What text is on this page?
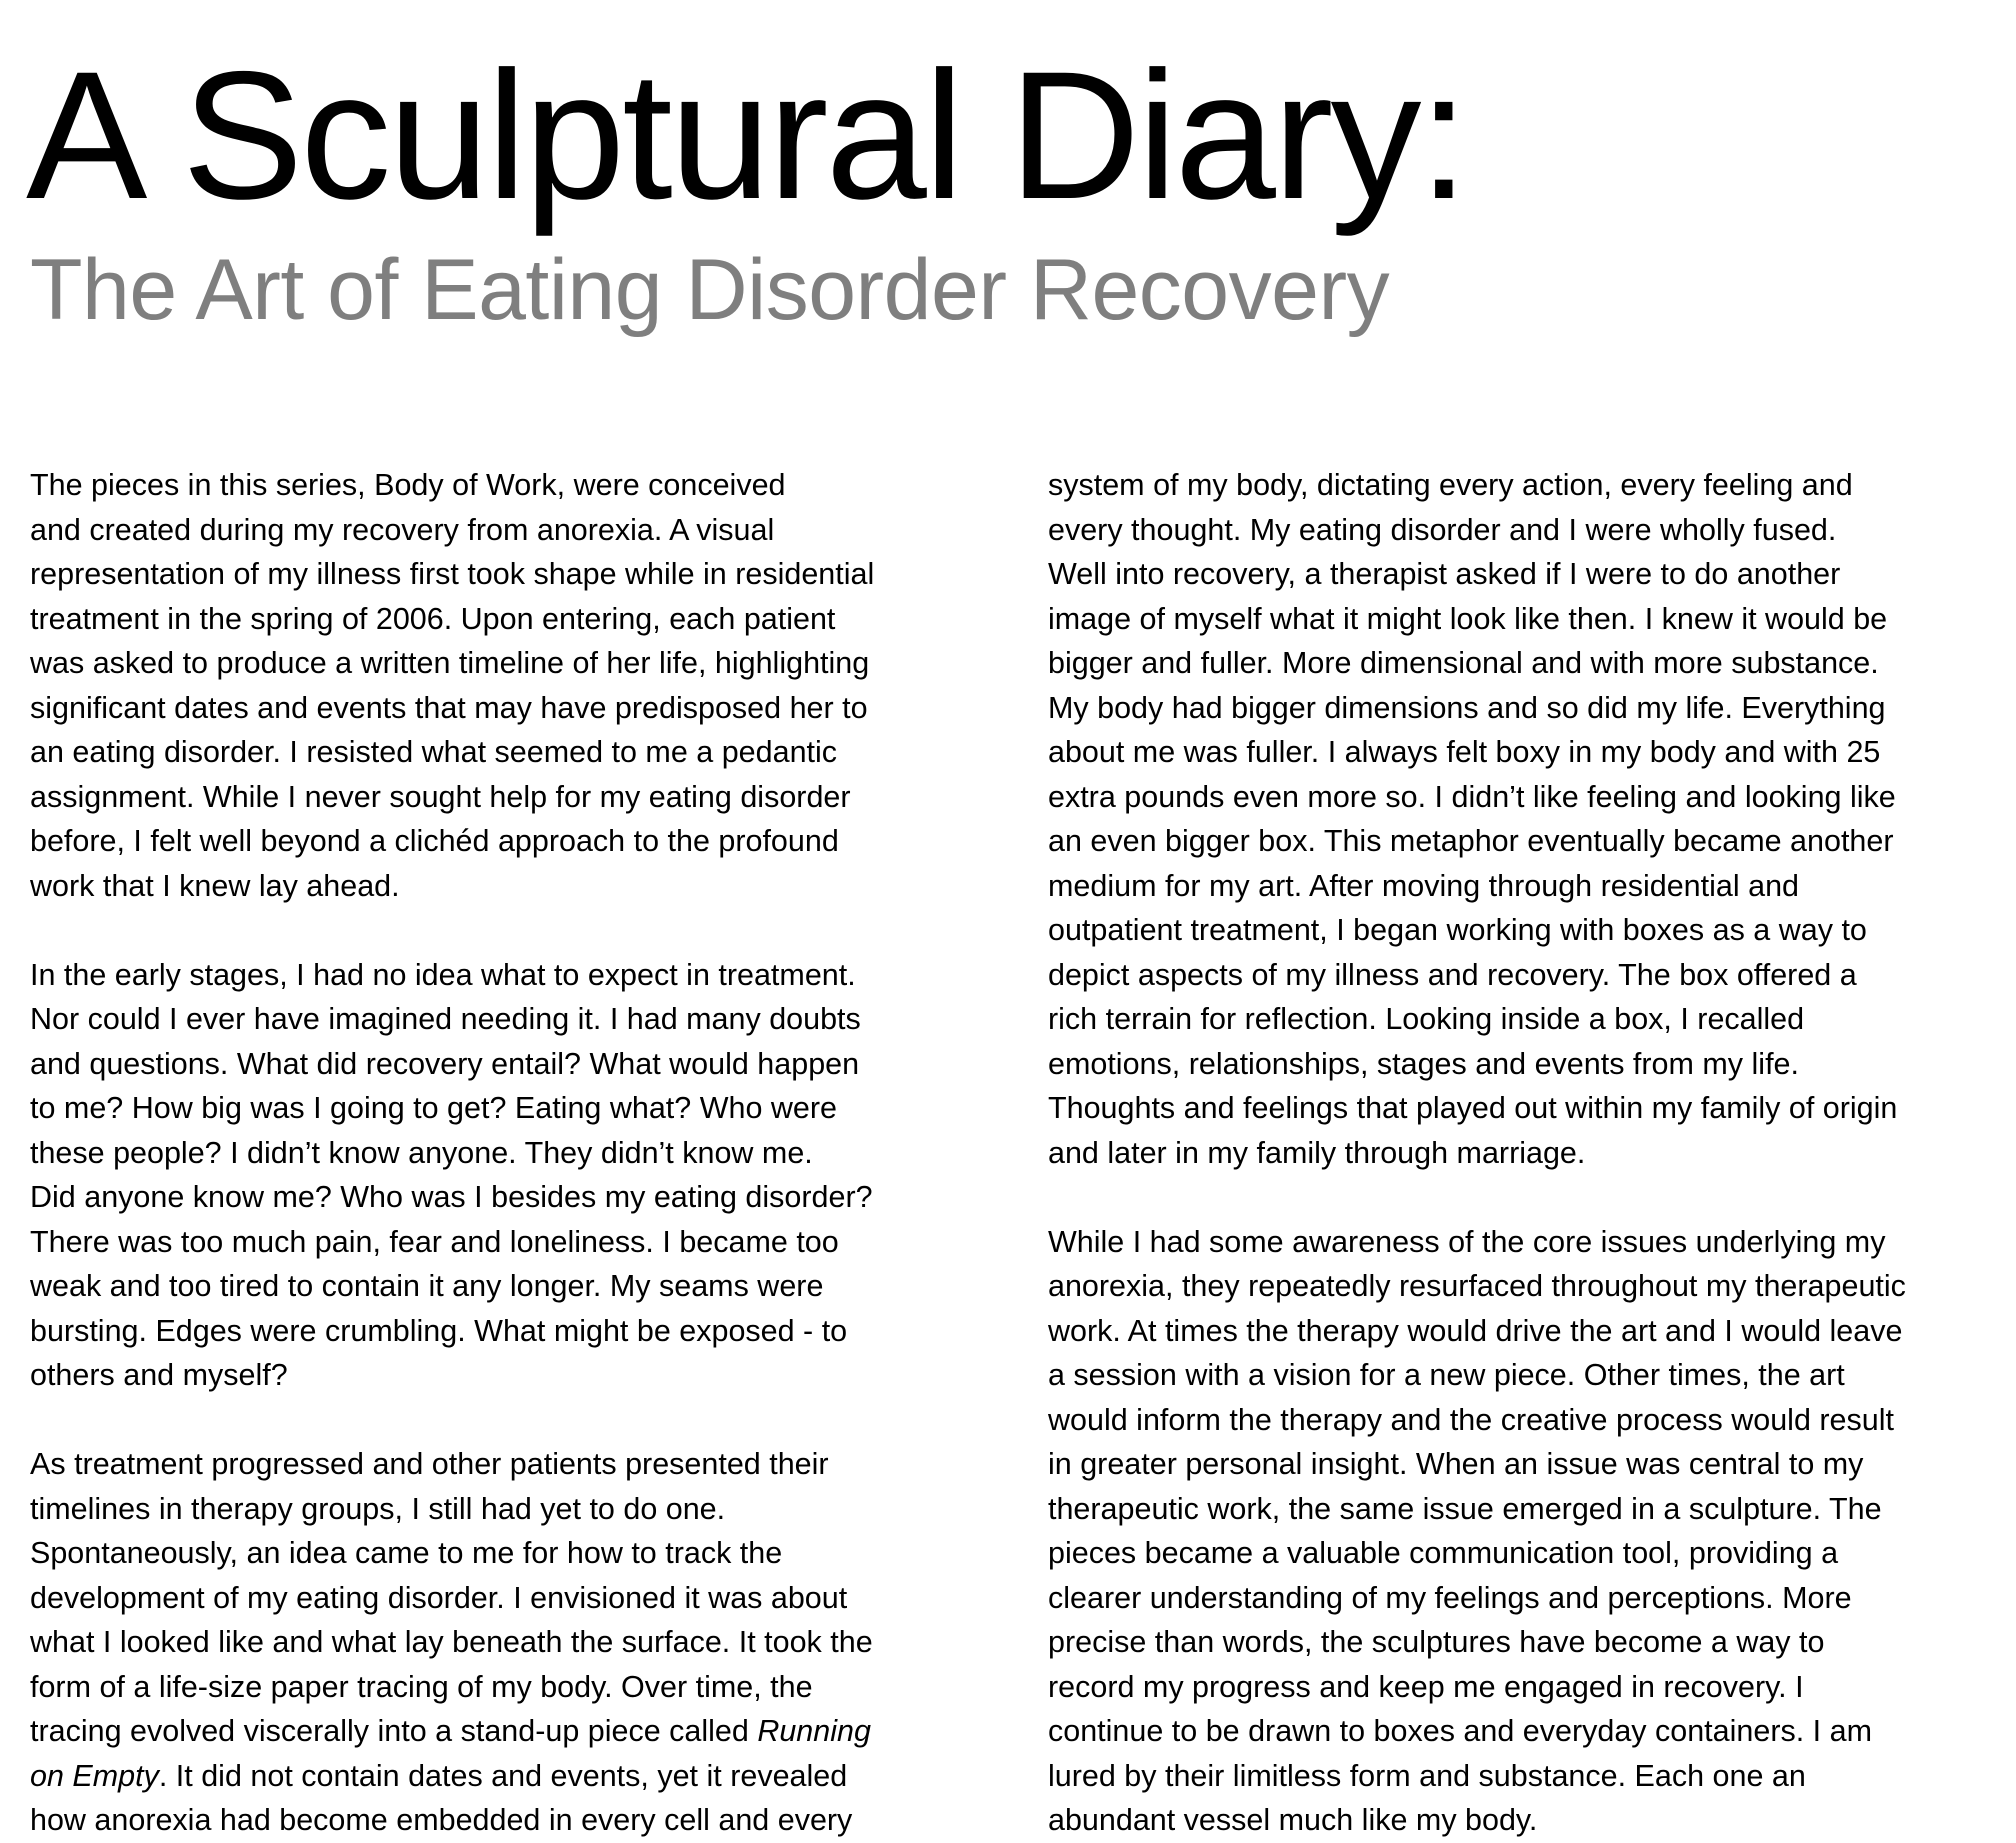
A Sculptural Diary:
The Art of Eating Disorder Recovery
The pieces in this series, Body of Work, were conceived
and created during my recovery from anorexia. A visual
representation of my illness first took shape while in residential
treatment in the spring of 2006. Upon entering, each patient
was asked to produce a written timeline of her life, highlighting
significant dates and events that may have predisposed her to
an eating disorder. I resisted what seemed to me a pedantic
assignment. While I never sought help for my eating disorder
before, I felt well beyond a clichéd approach to the profound
work that I knew lay ahead.
In the early stages, I had no idea what to expect in treatment.
Nor could I ever have imagined needing it. I had many doubts
and questions. What did recovery entail? What would happen
to me? How big was I going to get? Eating what? Who were
these people? I didn’t know anyone. They didn’t know me.
Did anyone know me? Who was I besides my eating disorder?
There was too much pain, fear and loneliness. I became too
weak and too tired to contain it any longer. My seams were
bursting. Edges were crumbling. What might be exposed - to
others and myself?
As treatment progressed and other patients presented their
timelines in therapy groups, I still had yet to do one.
Spontaneously, an idea came to me for how to track the
development of my eating disorder. I envisioned it was about
what I looked like and what lay beneath the surface. It took the
form of a life-size paper tracing of my body. Over time, the
tracing evolved viscerally into a stand-up piece called Running
on Empty. It did not contain dates and events, yet it revealed
how anorexia had become embedded in every cell and every
system of my body, dictating every action, every feeling and
every thought. My eating disorder and I were wholly fused.
Well into recovery, a therapist asked if I were to do another
image of myself what it might look like then. I knew it would be
bigger and fuller. More dimensional and with more substance.
My body had bigger dimensions and so did my life. Everything
about me was fuller. I always felt boxy in my body and with 25
extra pounds even more so. I didn’t like feeling and looking like
an even bigger box. This metaphor eventually became another
medium for my art. After moving through residential and
outpatient treatment, I began working with boxes as a way to
depict aspects of my illness and recovery. The box offered a
rich terrain for reflection. Looking inside a box, I recalled
emotions, relationships, stages and events from my life.
Thoughts and feelings that played out within my family of origin
and later in my family through marriage.
While I had some awareness of the core issues underlying my
anorexia, they repeatedly resurfaced throughout my therapeutic
work. At times the therapy would drive the art and I would leave
a session with a vision for a new piece. Other times, the art
would inform the therapy and the creative process would result
in greater personal insight. When an issue was central to my
therapeutic work, the same issue emerged in a sculpture. The
pieces became a valuable communication tool, providing a
clearer understanding of my feelings and perceptions. More
precise than words, the sculptures have become a way to
record my progress and keep me engaged in recovery. I
continue to be drawn to boxes and everyday containers. I am
lured by their limitless form and substance. Each one an
abundant vessel much like my body.
